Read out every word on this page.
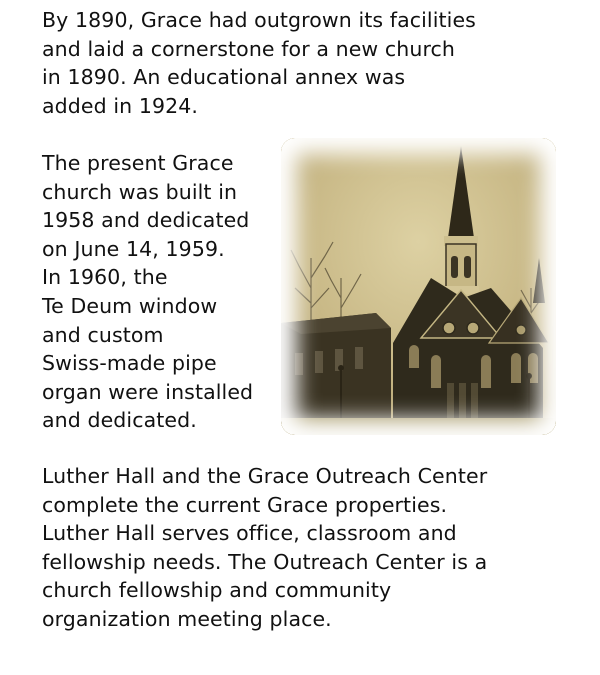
By 1890, Grace had outgrown its facilities
and laid a cornerstone for a new church
in 1890. An educational annex was
added in 1924.

The present Grace
church was built in
1958 and dedicated
on June 14, 1959.
In 1960, the
Te Deum window
and custom
Swiss-made pipe
organ were installed
and dedicated.

Luther Hall and the Grace Outreach Center
complete the current Grace properties.
Luther Hall serves office, classroom and
fellowship needs. The Outreach Center is a
church fellowship and community
organization meeting place.
